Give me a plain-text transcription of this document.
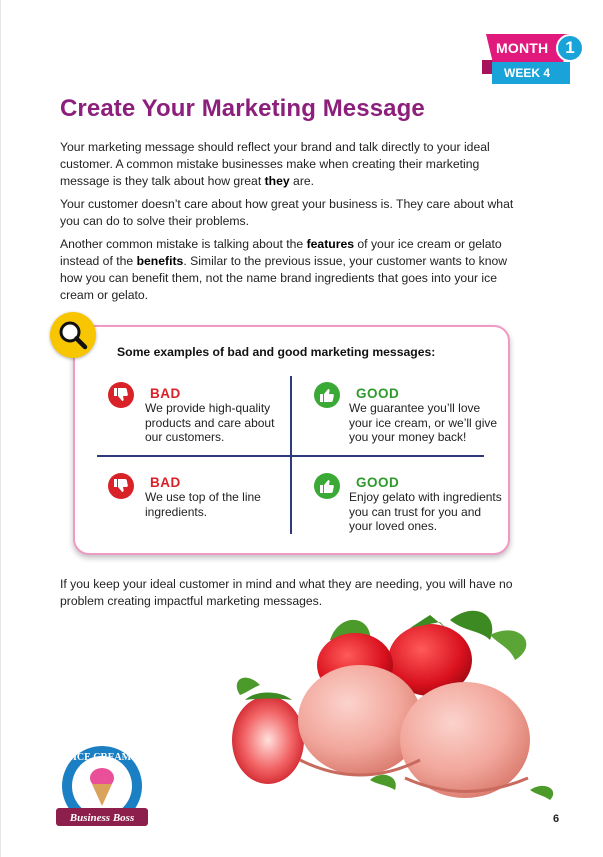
MONTH 1
WEEK 4
Create Your Marketing Message

Your marketing message should reflect your brand and talk directly to your ideal customer. A common mistake businesses make when creating their marketing message is they talk about how great they are.

Your customer doesn’t care about how great your business is. They care about what you can do to solve their problems.

Another common mistake is talking about the features of your ice cream or gelato instead of the benefits. Similar to the previous issue, your customer wants to know how you can benefit them, not the name brand ingredients that goes into your ice cream or gelato.

Some examples of bad and good marketing messages:
BAD
We provide high-quality products and care about our customers.
GOOD
We guarantee you’ll love your ice cream, or we’ll give you your money back!
BAD
We use top of the line ingredients.
GOOD
Enjoy gelato with ingredients you can trust for you and your loved ones.

If you keep your ideal customer in mind and what they are needing, you will have no problem creating impactful marketing messages.

ICE CREAM
Business Boss	6
